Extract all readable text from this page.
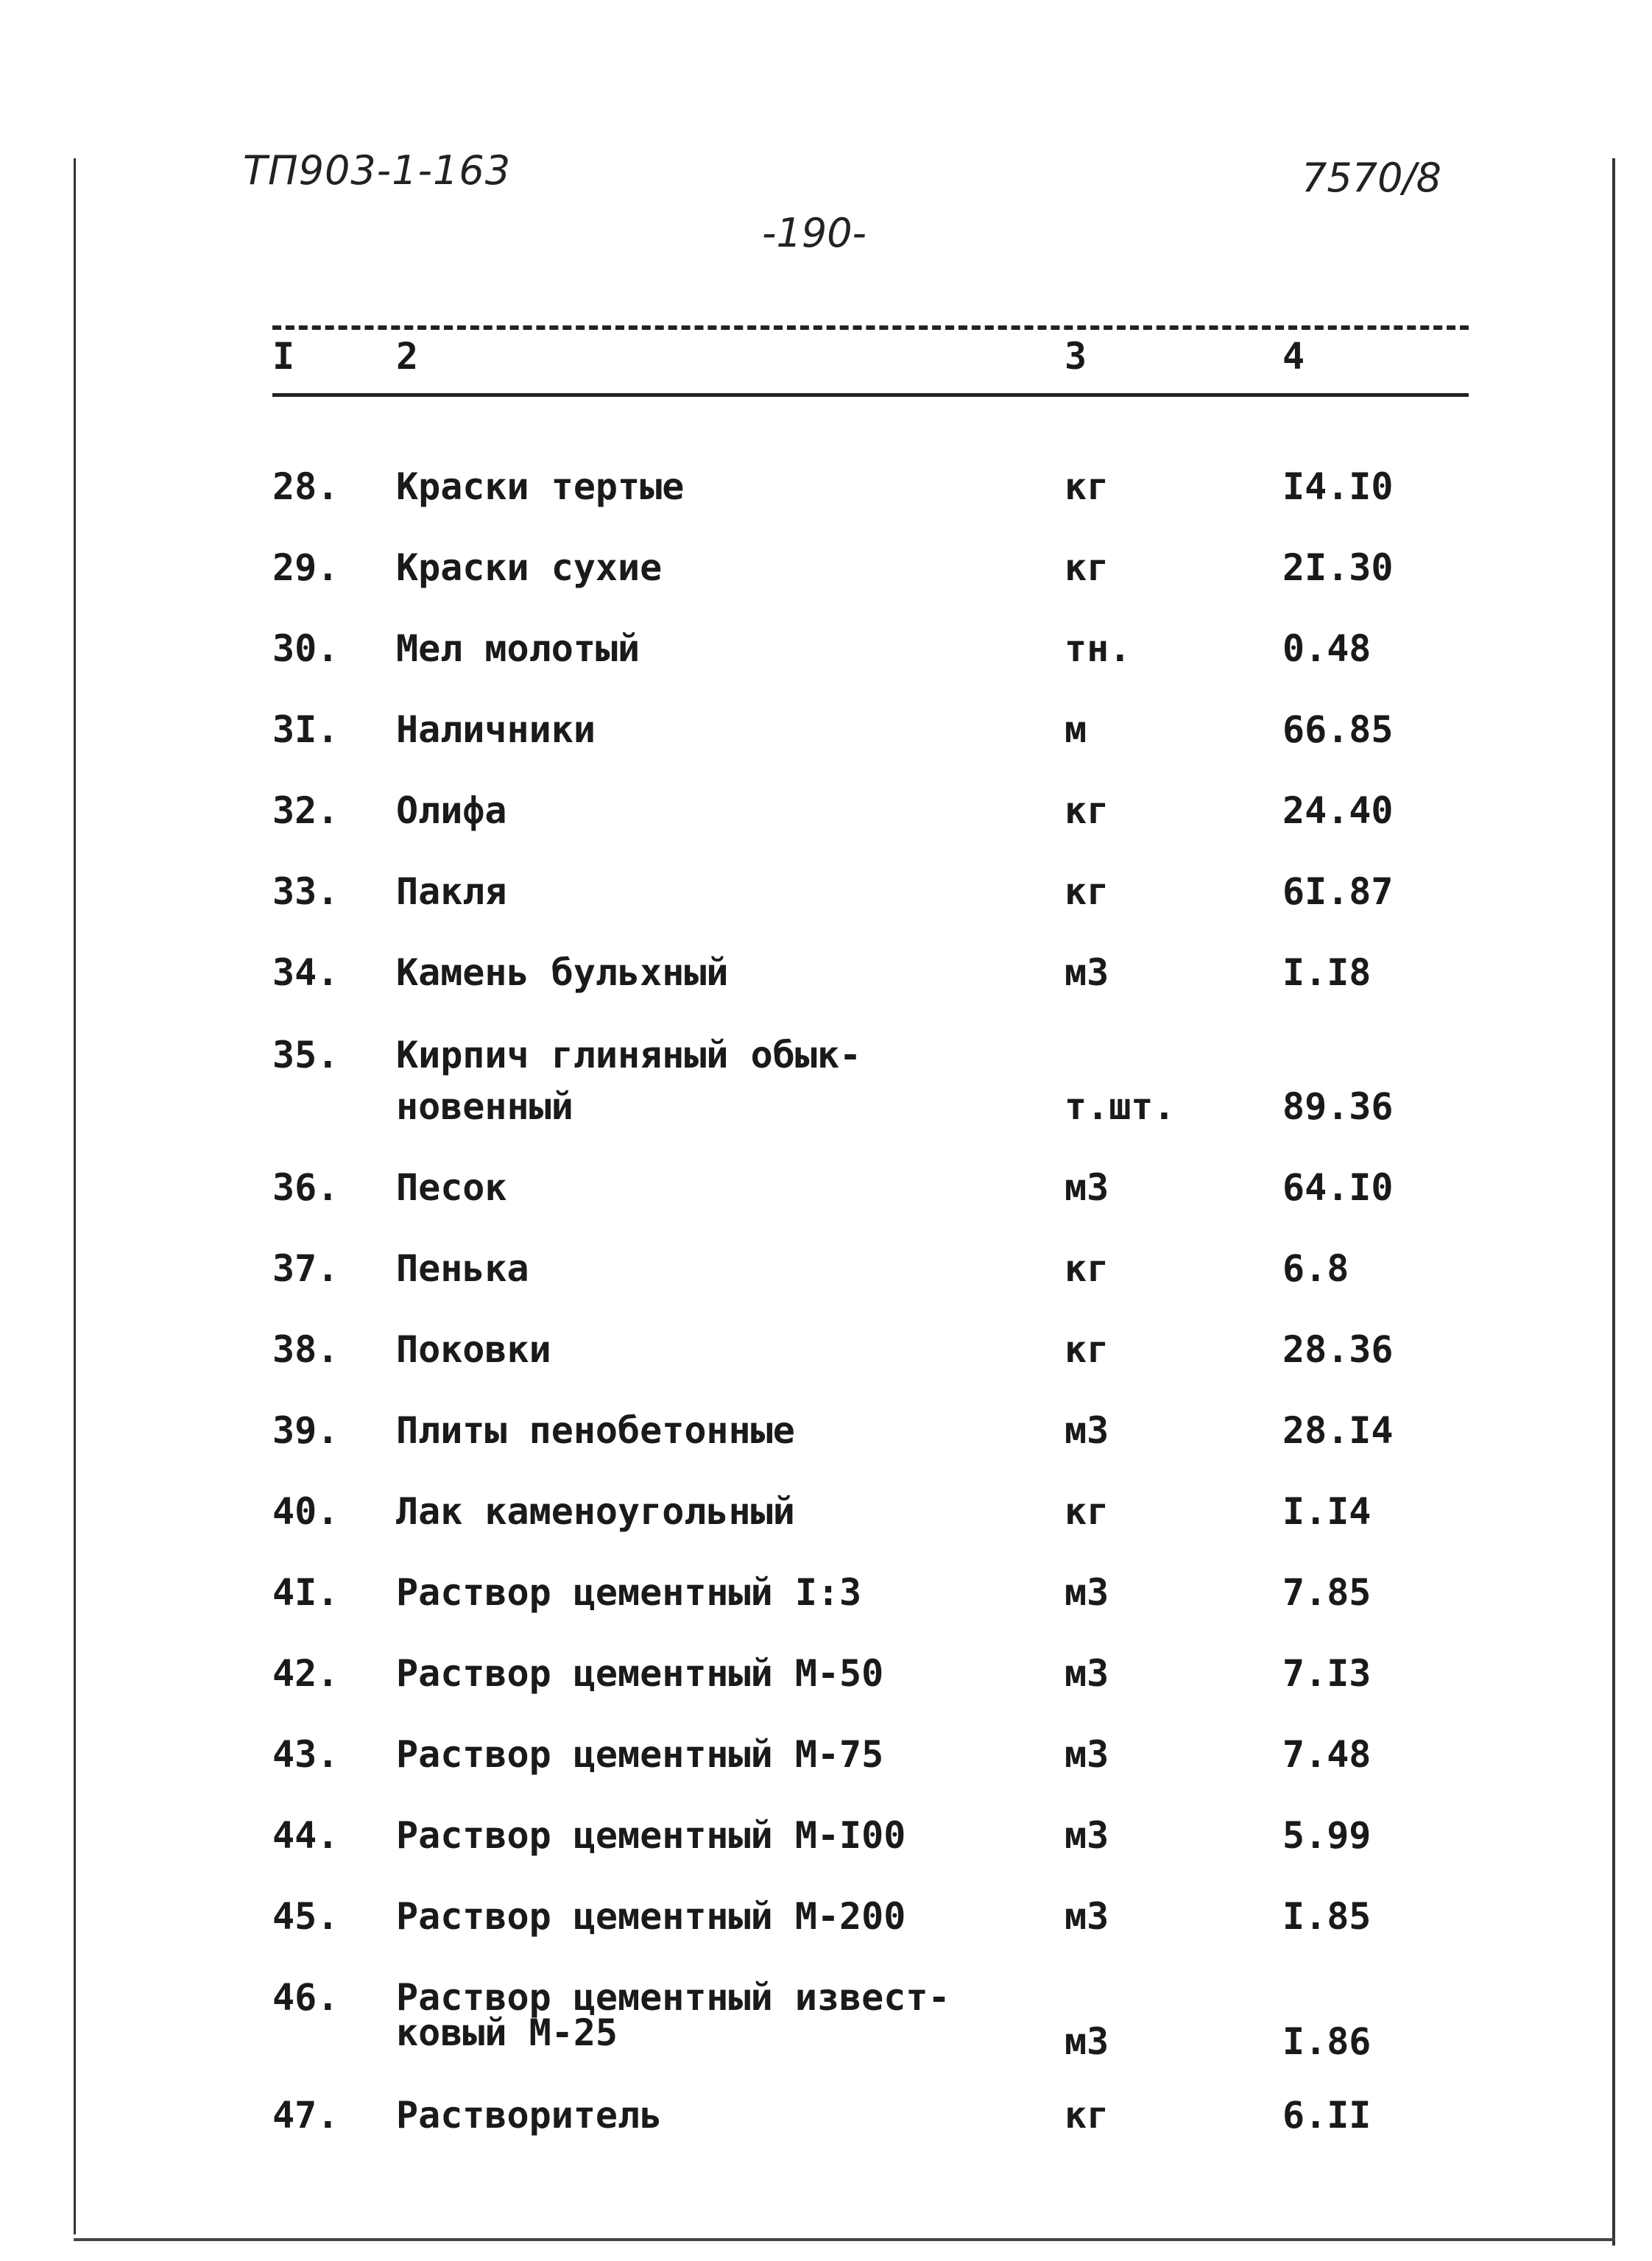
ТП903-1-163	7570/8
-190-
I	2	3	4
28. Краски тертые	кг	I4.I0
29. Краски сухие	кг	2I.30
30. Мел молотый	тн.	0.48
3I. Наличники	м	66.85
32. Олифа	кг	24.40
33. Пакля	кг	6I.87
34. Камень бульхный	м3	I.I8
35. Кирпич глиняный обык-
новенный	т.шт.	89.36
36. Песок	м3	64.I0
37. Пенька	кг	6.8
38. Поковки	кг	28.36
39. Плиты пенобетонные	м3	28.I4
40. Лак каменоугольный	кг	I.I4
4I. Раствор цементный I:3	м3	7.85
42. Раствор цементный М-50	м3	7.I3
43. Раствор цементный М-75	м3	7.48
44. Раствор цементный М-I00	м3	5.99
45. Раствор цементный М-200	м3	I.85
46. Раствор цементный извест-
ковый М-25	м3	I.86
47. Растворитель	кг	6.II
